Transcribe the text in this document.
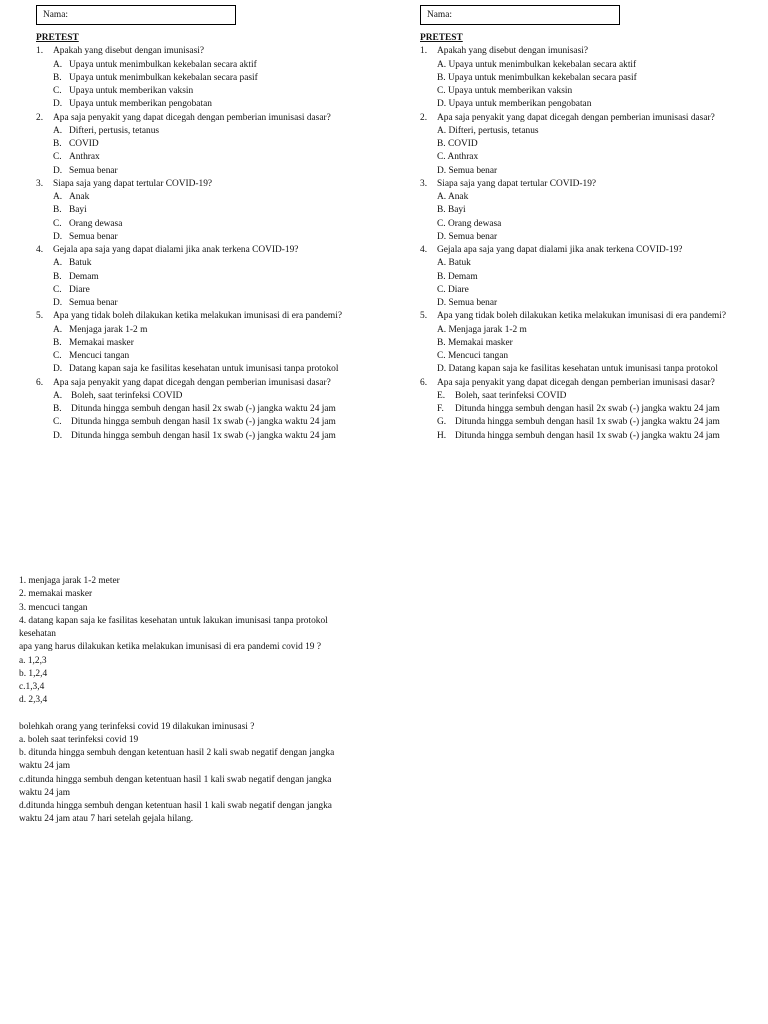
Nama:
PRETEST
1. Apakah yang disebut dengan imunisasi?
A. Upaya untuk menimbulkan kekebalan secara aktif
B. Upaya untuk menimbulkan kekebalan secara pasif
C. Upaya untuk memberikan vaksin
D. Upaya untuk memberikan pengobatan
2. Apa saja penyakit yang dapat dicegah dengan pemberian imunisasi dasar?
A. Difteri, pertusis, tetanus
B. COVID
C. Anthrax
D. Semua benar
3. Siapa saja yang dapat tertular COVID-19?
A. Anak
B. Bayi
C. Orang dewasa
D. Semua benar
4. Gejala apa saja yang dapat dialami jika anak terkena COVID-19?
A. Batuk
B. Demam
C. Diare
D. Semua benar
5. Apa yang tidak boleh dilakukan ketika melakukan imunisasi di era pandemi?
A. Menjaga jarak 1-2 m
B. Memakai masker
C. Mencuci tangan
D. Datang kapan saja ke fasilitas kesehatan untuk imunisasi tanpa protokol
6. Apa saja penyakit yang dapat dicegah dengan pemberian imunisasi dasar?
A. Boleh, saat terinfeksi COVID
B. Ditunda hingga sembuh dengan hasil 2x swab (-) jangka waktu 24 jam
C. Ditunda hingga sembuh dengan hasil 1x swab (-) jangka waktu 24 jam
D. Ditunda hingga sembuh dengan hasil 1x swab (-) jangka waktu 24 jam
Nama:
PRETEST
1. Apakah yang disebut dengan imunisasi?
A. Upaya untuk menimbulkan kekebalan secara aktif
B. Upaya untuk menimbulkan kekebalan secara pasif
C. Upaya untuk memberikan vaksin
D. Upaya untuk memberikan pengobatan
2. Apa saja penyakit yang dapat dicegah dengan pemberian imunisasi dasar?
A. Difteri, pertusis, tetanus
B. COVID
C. Anthrax
D. Semua benar
3. Siapa saja yang dapat tertular COVID-19?
A. Anak
B. Bayi
C. Orang dewasa
D. Semua benar
4. Gejala apa saja yang dapat dialami jika anak terkena COVID-19?
A. Batuk
B. Demam
C. Diare
D. Semua benar
5. Apa yang tidak boleh dilakukan ketika melakukan imunisasi di era pandemi?
A. Menjaga jarak 1-2 m
B. Memakai masker
C. Mencuci tangan
D. Datang kapan saja ke fasilitas kesehatan untuk imunisasi tanpa protokol
6. Apa saja penyakit yang dapat dicegah dengan pemberian imunisasi dasar?
E. Boleh, saat terinfeksi COVID
F. Ditunda hingga sembuh dengan hasil 2x swab (-) jangka waktu 24 jam
G. Ditunda hingga sembuh dengan hasil 1x swab (-) jangka waktu 24 jam
H. Ditunda hingga sembuh dengan hasil 1x swab (-) jangka waktu 24 jam
1. menjaga jarak 1-2 meter
2. memakai masker
3. mencuci tangan
4. datang kapan saja ke fasilitas kesehatan untuk lakukan imunisasi tanpa protokol
kesehatan
apa yang harus dilakukan ketika melakukan imunisasi di era pandemi covid 19 ?
a. 1,2,3
b. 1,2,4
c.1,3,4
d. 2,3,4
bolehkah orang yang terinfeksi covid 19 dilakukan iminusasi ?
a. boleh saat terinfeksi covid 19
b. ditunda hingga sembuh dengan ketentuan hasil 2 kali swab negatif dengan jangka
waktu 24 jam
c.ditunda hingga sembuh dengan ketentuan hasil 1 kali swab negatif dengan jangka
waktu 24 jam
d.ditunda hingga sembuh dengan ketentuan hasil 1 kali swab negatif dengan jangka
waktu 24 jam atau 7 hari setelah gejala hilang.
